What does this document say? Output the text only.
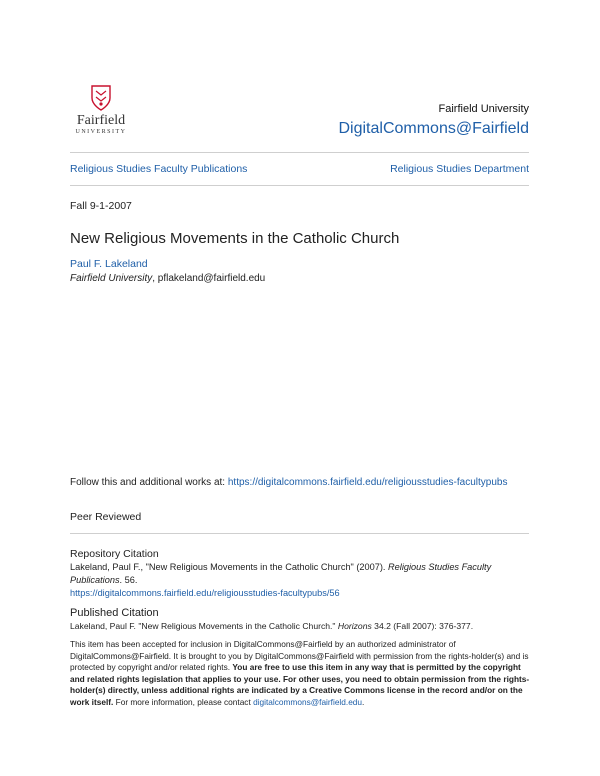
Fairfield
UNIVERSITY
Fairfield University
DigitalCommons@Fairfield
Religious Studies Faculty Publications	Religious Studies Department
Fall 9-1-2007
New Religious Movements in the Catholic Church
Paul F. Lakeland
Fairfield University, pflakeland@fairfield.edu
Follow this and additional works at: https://digitalcommons.fairfield.edu/religiousstudies-facultypubs
Peer Reviewed
Repository Citation
Lakeland, Paul F., "New Religious Movements in the Catholic Church" (2007). Religious Studies Faculty Publications. 56.
https://digitalcommons.fairfield.edu/religiousstudies-facultypubs/56
Published Citation
Lakeland, Paul F. "New Religious Movements in the Catholic Church." Horizons 34.2 (Fall 2007): 376-377.
This item has been accepted for inclusion in DigitalCommons@Fairfield by an authorized administrator of DigitalCommons@Fairfield. It is brought to you by DigitalCommons@Fairfield with permission from the rights-holder(s) and is protected by copyright and/or related rights. You are free to use this item in any way that is permitted by the copyright and related rights legislation that applies to your use. For other uses, you need to obtain permission from the rights-holder(s) directly, unless additional rights are indicated by a Creative Commons license in the record and/or on the work itself. For more information, please contact digitalcommons@fairfield.edu.
